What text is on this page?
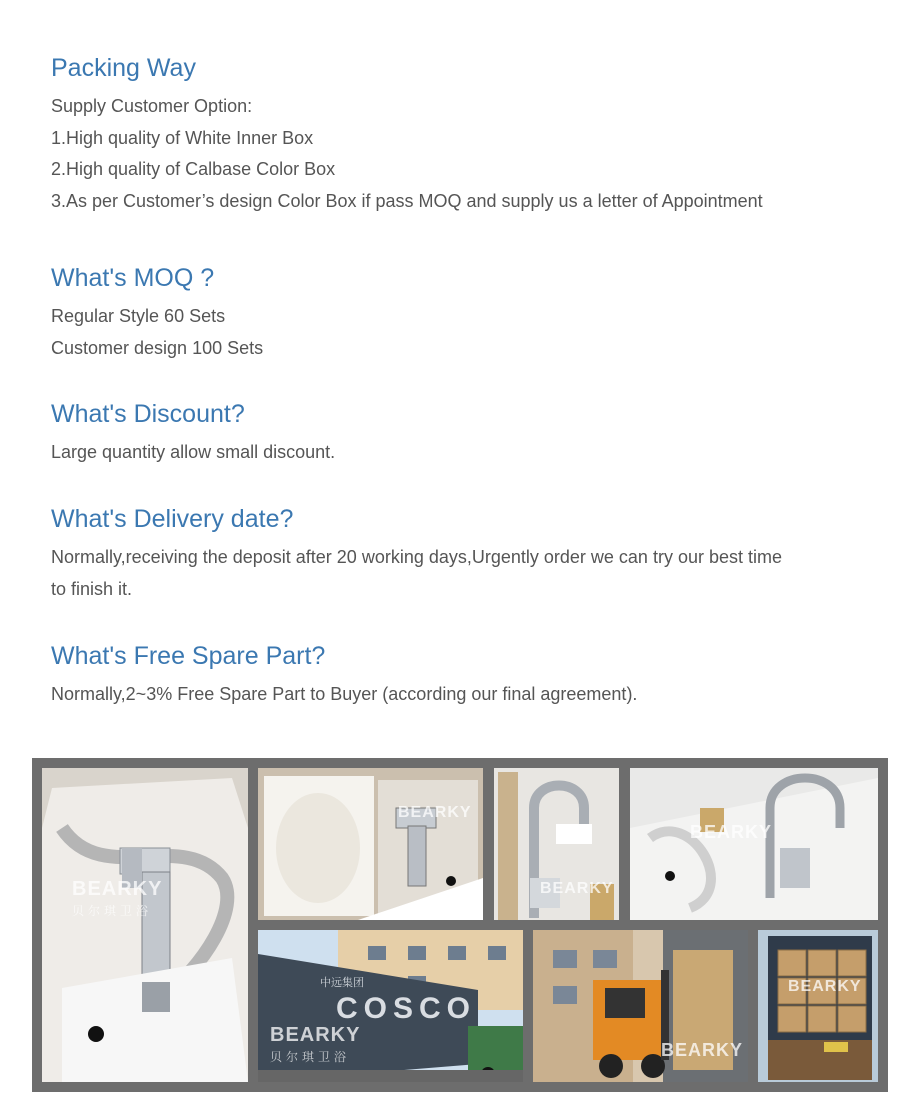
Packing Way
Supply Customer Option:
1.High quality of White Inner Box
2.High quality of Calbase Color Box
3.As per Customer’s design Color Box if pass MOQ and supply us a letter of Appointment
What's MOQ ?
Regular Style 60 Sets
Customer design 100 Sets
What's Discount?
Large quantity allow small discount.
What's Delivery date?
Normally,receiving the deposit after 20 working days,Urgently order we can try our best time
to finish it.
What's Free Spare Part?
Normally,2~3% Free Spare Part to Buyer (according our final agreement).
BEARKY
贝尔琪卫浴
BEARKY
BEARKY
BEARKY
COSCO
中远集团
BEARKY
贝尔琪卫浴	BEARKY
BEARKY
